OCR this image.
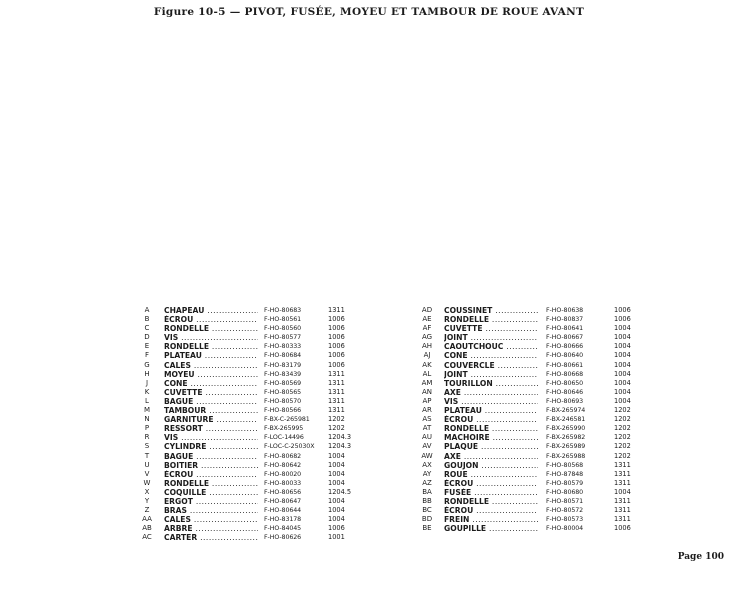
Figure 10-5 — PIVOT, FUSÉE, MOYEU ET TAMBOUR DE ROUE AVANT
A	CHAPEAU .....	F-HO-80683	1311
B	ÉCROU .....	F-HO-80561	1006
C	RONDELLE .....	F-HO-80560	1006
D	VIS .....	F-HO-80577	1006
E	RONDELLE .....	F-HO-80333	1006
F	PLATEAU .....	F-HO-80684	1006
G	CALES .....	F-HO-83179	1006
H	MOYEU .....	F-HO-83439	1311
J	CONE .....	F-HO-80569	1311
K	CUVETTE .....	F-HO-80565	1311
L	BAGUE .....	F-HO-80570	1311
M	TAMBOUR .....	F-HO-80566	1311
N	GARNITURE .....	F-BX-C-265981	1202
P	RESSORT .....	F-BX-265995	1202
R	VIS .....	F-LOC-14496	1204.3
S	CYLINDRE .....	F-LOC-C-25030X 1204.3
T	BAGUE .....	F-HO-80682	1004
U	BOITIER .....	F-HO-80642	1004
V	ÉCROU .....	F-HO-80020	1004
W	RONDELLE .....	F-HO-80033	1004
X	COQUILLE .....	F-HO-80656	1204.5
Y	ERGOT .....	F-HO-80647	1004
Z	BRAS .....	F-HO-80644	1004
AA	CALES .....	F-HO-83178	1004
AB	ARBRE .....	F-HO-84045	1006
AC	CARTER .....	F-HO-80626	1001
AD	COUSSINET .....	F-HO-80638	1006
AE	RONDELLE .....	F-HO-80837	1006
AF	CUVETTE .....	F-HO-80641	1004
AG	JOINT .....	F-HO-80667	1004
AH	CAOUTCHOUC .....	F-HO-80666	1004
AJ	CONE .....	F-HO-80640	1004
AK	COUVERCLE .....	F-HO-80661	1004
AL	JOINT .....	F-HO-80668	1004
AM	TOURILLON .....	F-HO-80650	1004
AN	AXE .....	F-HO-80646	1004
AP	VIS .....	F-HO-80693	1004
AR	PLATEAU .....	F-BX-265974	1202
AS	ÉCROU .....	F-BX-246581	1202
AT	RONDELLE .....	F-BX-265990	1202
AU	MACHOIRE .....	F-BX-265982	1202
AV	PLAQUE .....	F-BX-265989	1202
AW	AXE .....	F-BX-265988	1202
AX	GOUJON .....	F-HO-80568	1311
AY	ROUE .....	F-HO-87848	1311
AZ	ÉCROU .....	F-HO-80579	1311
BA	FUSÉE .....	F-HO-80680	1004
BB	RONDELLE .....	F-HO-80571	1311
BC	ÉCROU .....	F-HO-80572	1311
BD	FREIN .....	F-HO-80573	1311
BE	GOUPILLE .....	F-HO-80004	1006
Page 100
